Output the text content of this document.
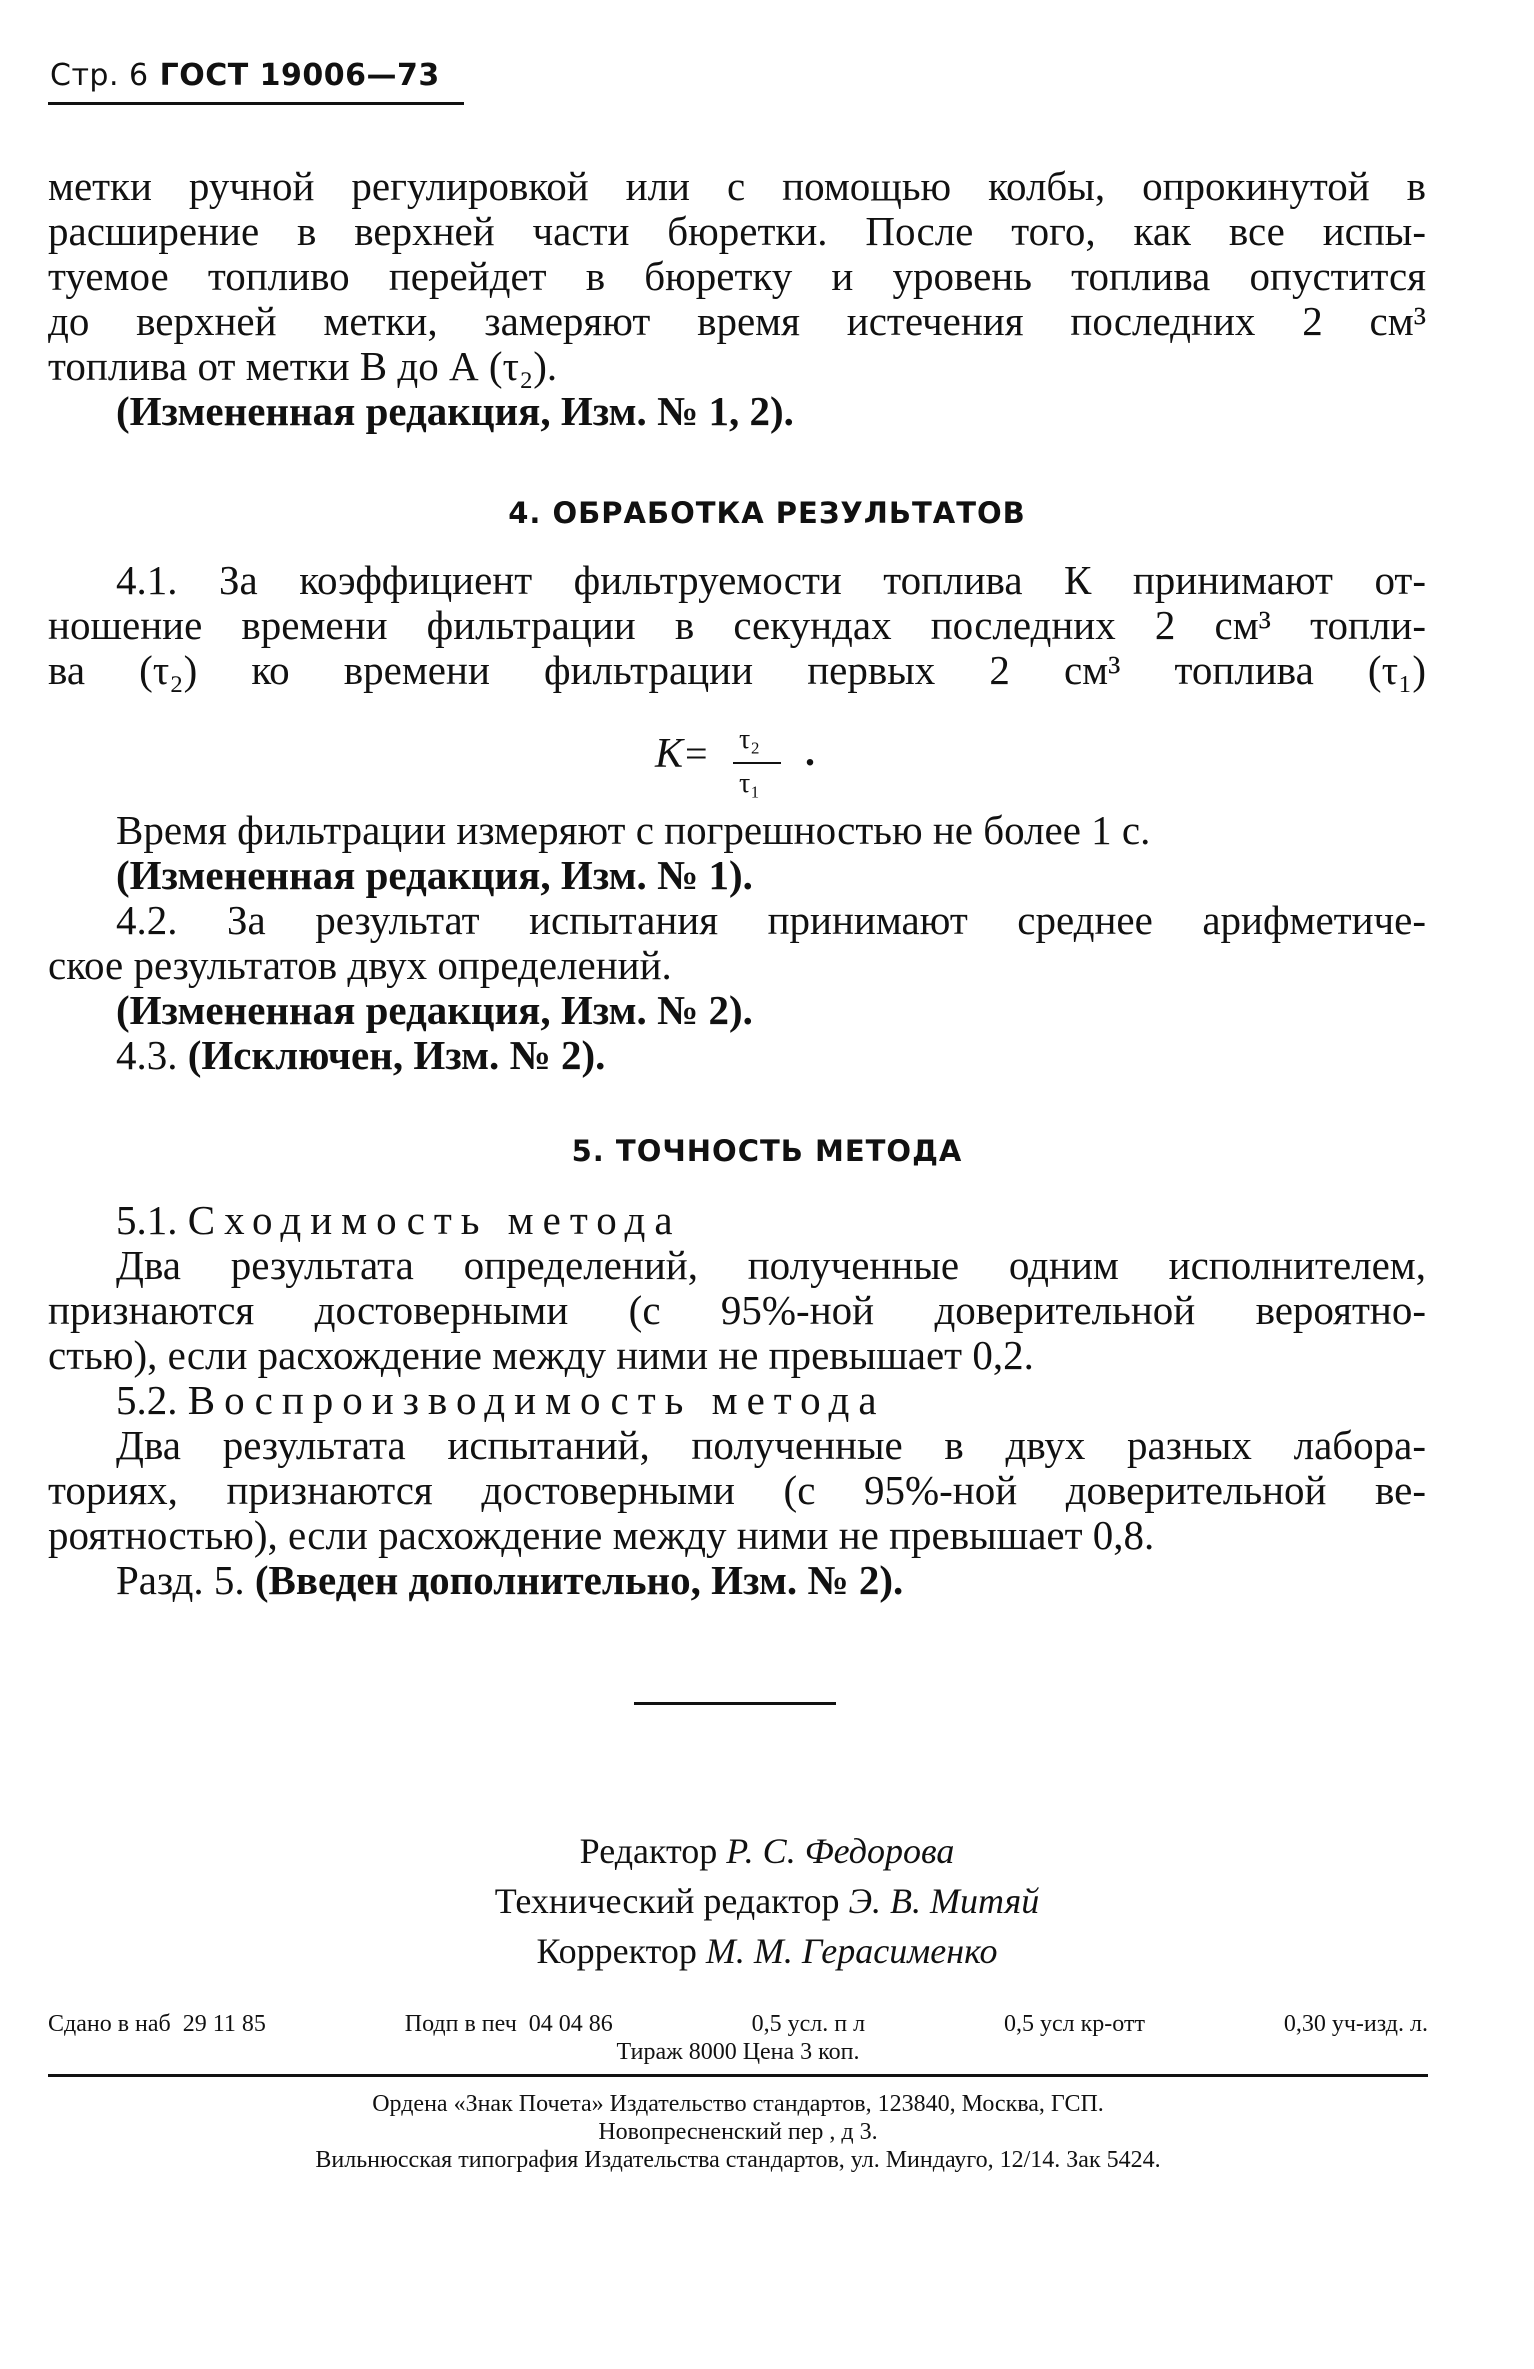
Стр. 6 ГОСТ 19006—73

метки ручной регулировкой или с помощью колбы, опрокинутой в

расширение в верхней части бюретки. После того, как все испы-

туемое топливо перейдет в бюретку и уровень топлива опустится

до верхней метки, замеряют время истечения последних 2 см³

топлива от метки В до А (τ₂).

(Измененная редакция, Изм. № 1, 2).

4. ОБРАБОТКА РЕЗУЛЬТАТОВ

4.1. За коэффициент фильтруемости топлива К принимают от-

ношение времени фильтрации в секундах последних 2 см³ топли-

ва (τ₂) ко времени фильтрации первых 2 см³ топлива (τ₁)

К = τ₂
τ₁
.

Время фильтрации измеряют с погрешностью не более 1 с.

(Измененная редакция, Изм. № 1).

4.2. За результат испытания принимают среднее арифметиче-

ское результатов двух определений.

(Измененная редакция, Изм. № 2).

4.3. (Исключен, Изм. № 2).

5. ТОЧНОСТЬ МЕТОДА

5.1. Сходимость метода

Два результата определений, полученные одним исполнителем,

признаются достоверными (с 95%-ной доверительной вероятно-

стью), если расхождение между ними не превышает 0,2.

5.2. Воспроизводимость метода

Два результата испытаний, полученные в двух разных лабора-

ториях, признаются достоверными (с 95%-ной доверительной ве-

роятностью), если расхождение между ними не превышает 0,8.

Разд. 5. (Введен дополнительно, Изм. № 2).

Редактор Р. С. Федорова
Технический редактор Э. В. Митяй
Корректор М. М. Герасименко
Сдано в наб  29 11 85	Подп в печ  04 04 86	0,5 усл. п л	0,5 усл кр-отт	0,30 уч-изд. л.
Тираж 8000 Цена 3 коп.
Ордена «Знак Почета» Издательство стандартов, 123840, Москва, ГСП.
Новопресненский пер , д 3.
Вильнюсская типография Издательства стандартов, ул. Миндауго, 12/14. Зак 5424.
